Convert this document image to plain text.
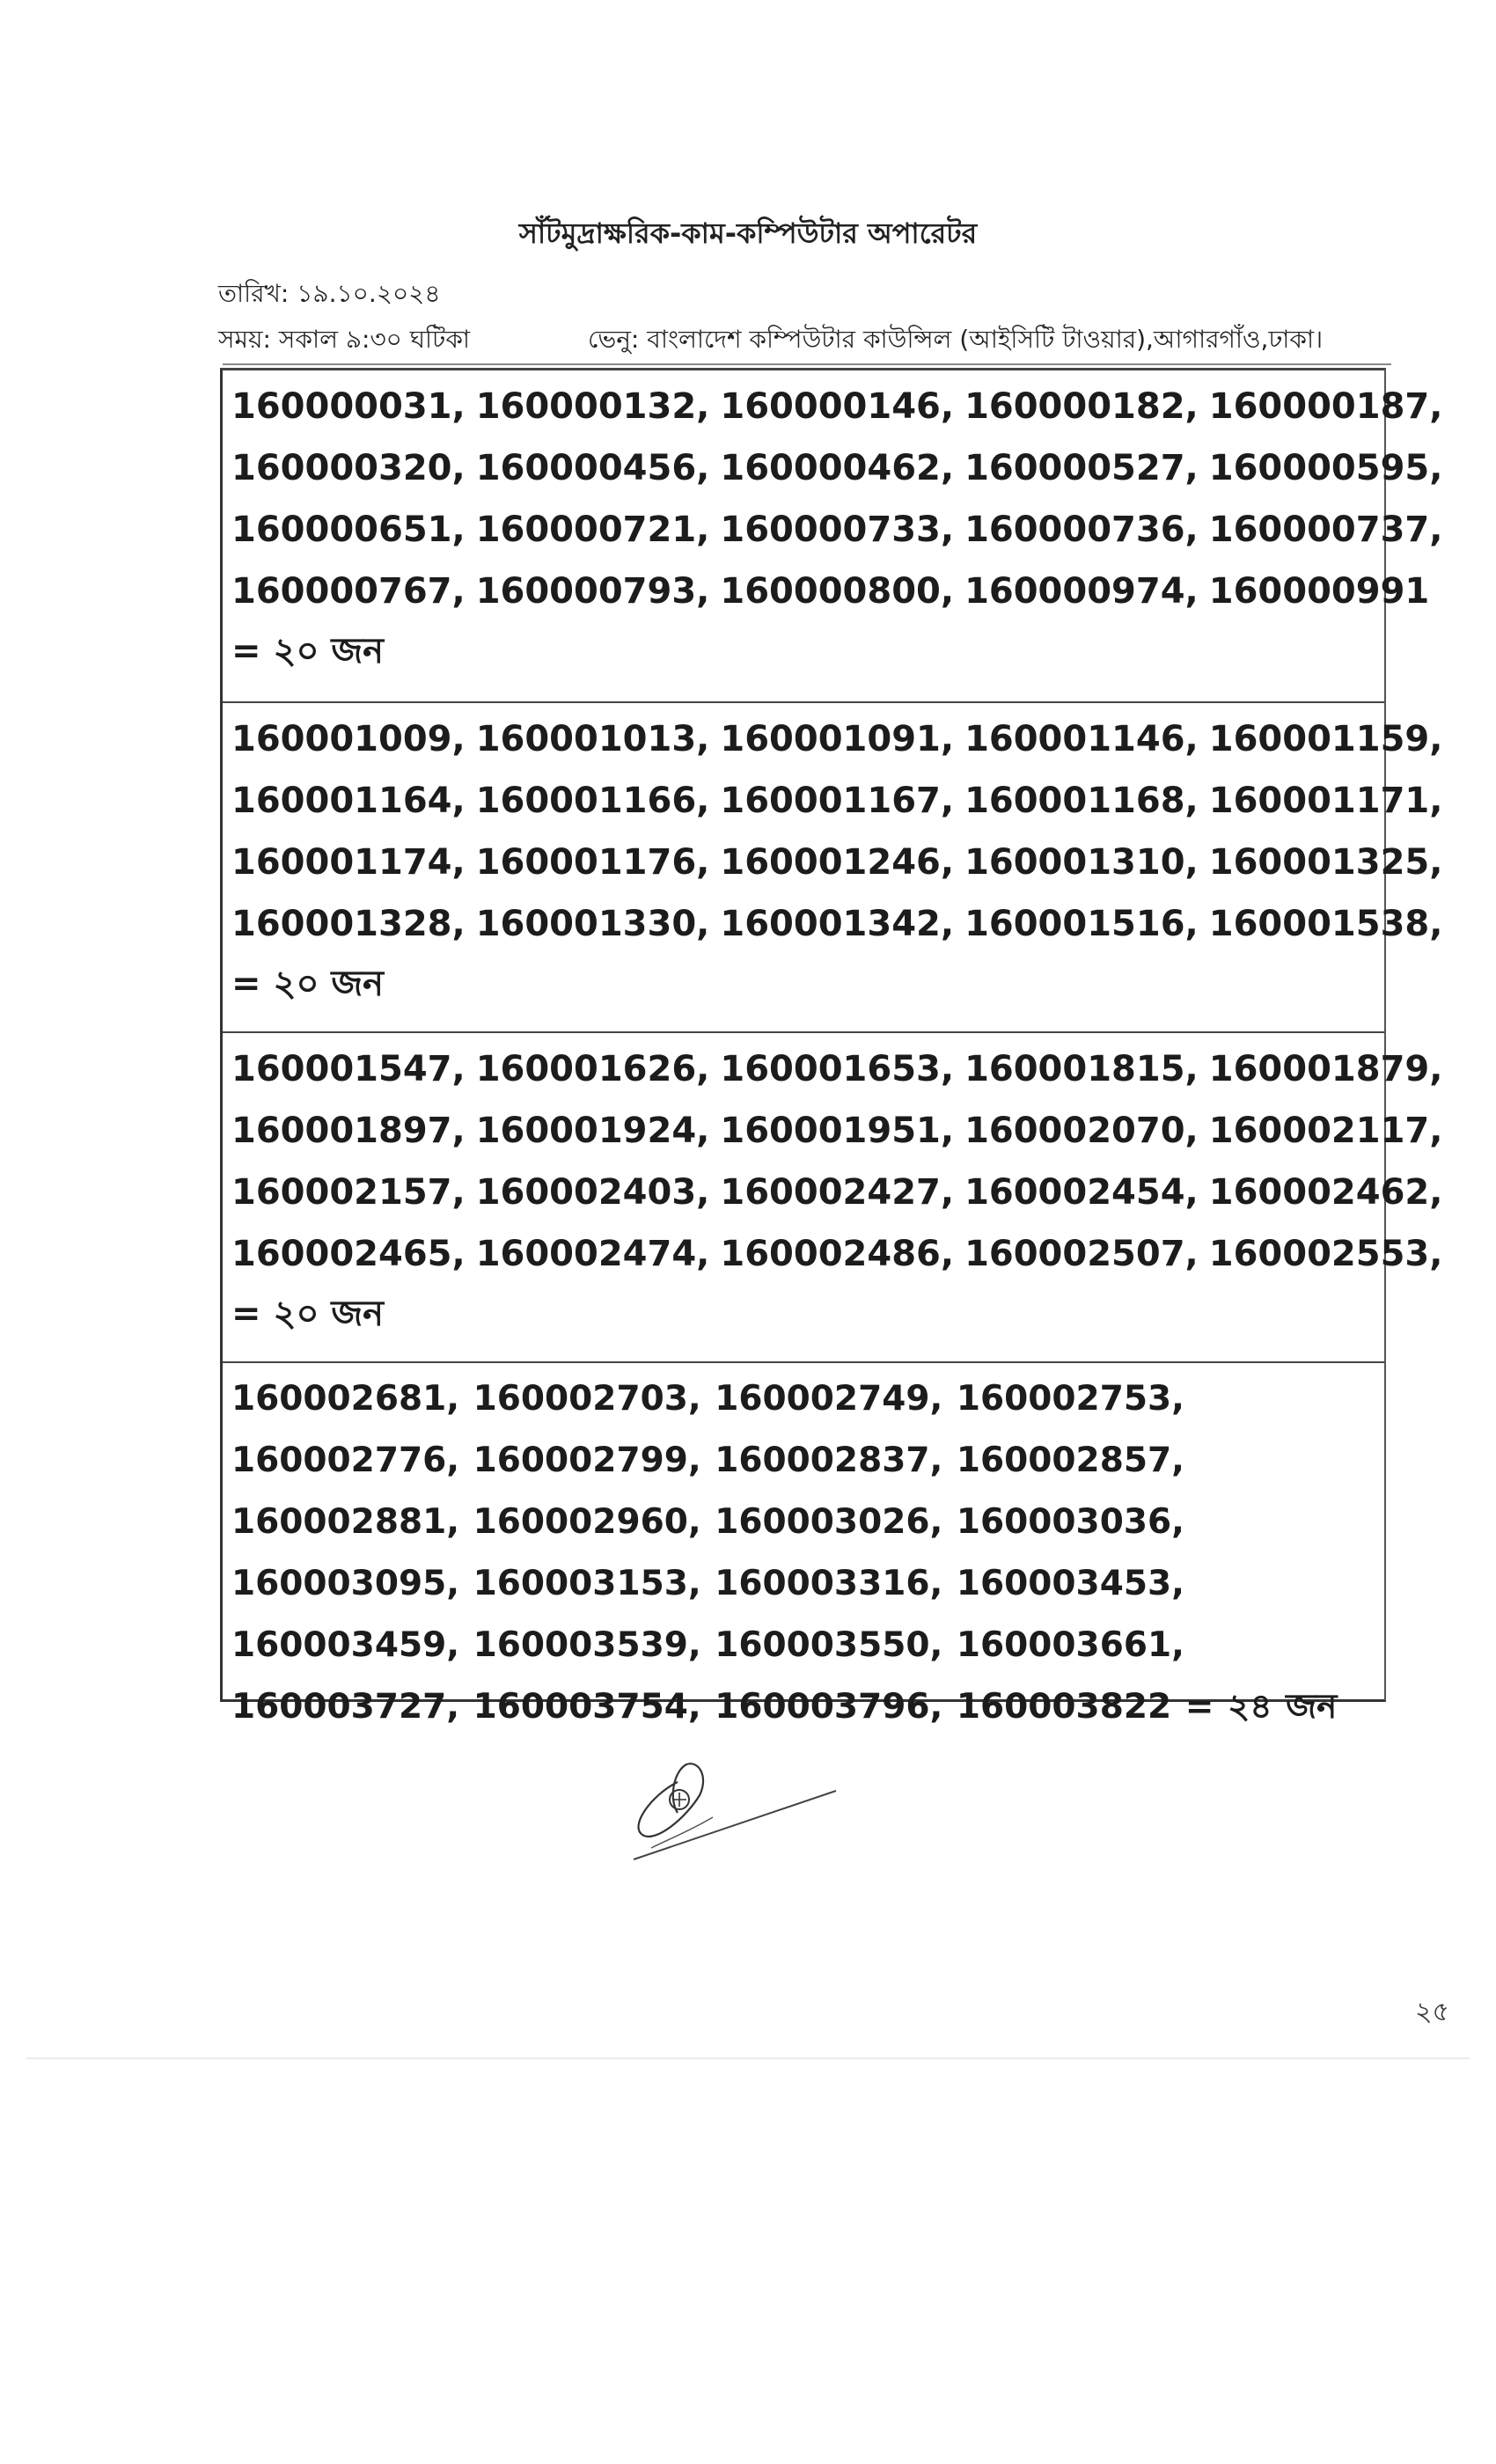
সাঁটমুদ্রাক্ষরিক-কাম-কম্পিউটার অপারেটর
তারিখ: ১৯.১০.২০২৪
সময়: সকাল ৯:৩০ ঘটিকা	ভেনু: বাংলাদেশ কম্পিউটার কাউন্সিল (আইসিটি টাওয়ার),আগারগাঁও,ঢাকা।
160000031, 160000132, 160000146, 160000182, 160000187,
160000320, 160000456, 160000462, 160000527, 160000595,
160000651, 160000721, 160000733, 160000736, 160000737,
160000767, 160000793, 160000800, 160000974, 160000991
= ২০ জন
160001009, 160001013, 160001091, 160001146, 160001159,
160001164, 160001166, 160001167, 160001168, 160001171,
160001174, 160001176, 160001246, 160001310, 160001325,
160001328, 160001330, 160001342, 160001516, 160001538,
= ২০ জন
160001547, 160001626, 160001653, 160001815, 160001879,
160001897, 160001924, 160001951, 160002070, 160002117,
160002157, 160002403, 160002427, 160002454, 160002462,
160002465, 160002474, 160002486, 160002507, 160002553,
= ২০ জন
160002681, 160002703, 160002749, 160002753, 160002776, 160002799, 160002837, 160002857, 160002881, 160002960, 160003026, 160003036, 160003095, 160003153, 160003316, 160003453, 160003459, 160003539, 160003550, 160003661, 160003727, 160003754, 160003796, 160003822 = ২৪ জন
২৫
